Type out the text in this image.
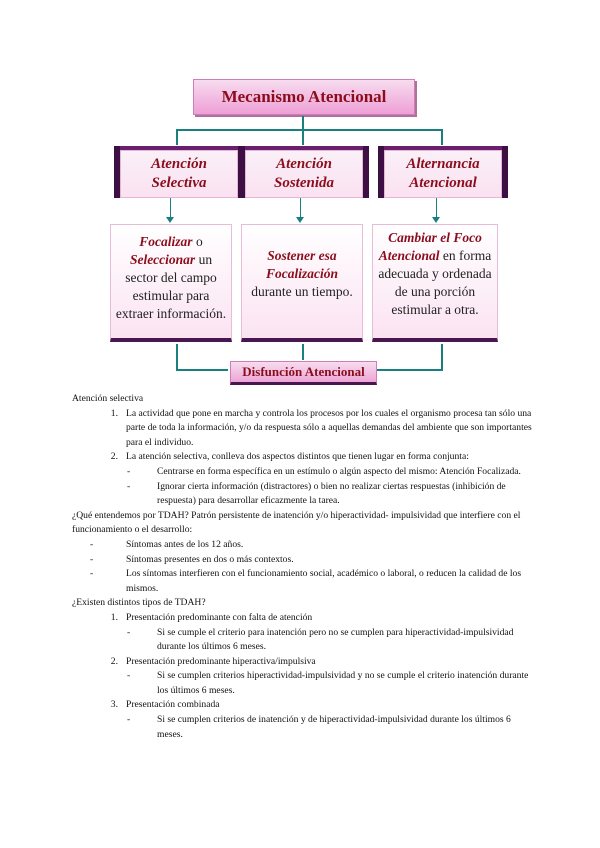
Mecanismo Atencional
Atención
Selectiva
Atención
Sostenida
Alternancia
Atencional
Focalizar o
Seleccionar un sector del campo estimular para extraer información.
Sostener esa Focalización durante un tiempo.
Cambiar el Foco Atencional en forma adecuada y ordenada de una porción estimular a otra.
Disfunción Atencional

Atención selectiva

1. La actividad que pone en marcha y controla los procesos por los cuales el organismo procesa tan sólo una parte de toda la información, y/o da respuesta sólo a aquellas demandas del ambiente que son importantes para el individuo.
2. La atención selectiva, conlleva dos aspectos distintos que tienen lugar en forma conjunta:
-	Centrarse en forma específica en un estímulo o algún aspecto del mismo: Atención Focalizada.
-	Ignorar cierta información (distractores) o bien no realizar ciertas respuestas (inhibición de respuesta) para desarrollar eficazmente la tarea.

¿Qué entendemos por TDAH? Patrón persistente de inatención y/o hiperactividad- impulsividad que interfiere con el funcionamiento o el desarrollo:

-	Síntomas antes de los 12 años.
-	Síntomas presentes en dos o más contextos.
-	Los síntomas interfieren con el funcionamiento social, académico o laboral, o reducen la calidad de los mismos.

¿Existen distintos tipos de TDAH?

1. Presentación predominante con falta de atención
-	Si se cumple el criterio para inatención pero no se cumplen para hiperactividad-impulsividad durante los últimos 6 meses.
2. Presentación predominante hiperactiva/impulsiva
-	Si se cumplen criterios hiperactividad-impulsividad y no se cumple el criterio inatención durante los últimos 6 meses.
3. Presentación combinada
-	Si se cumplen criterios de inatención y de hiperactividad-impulsividad durante los últimos 6 meses.
